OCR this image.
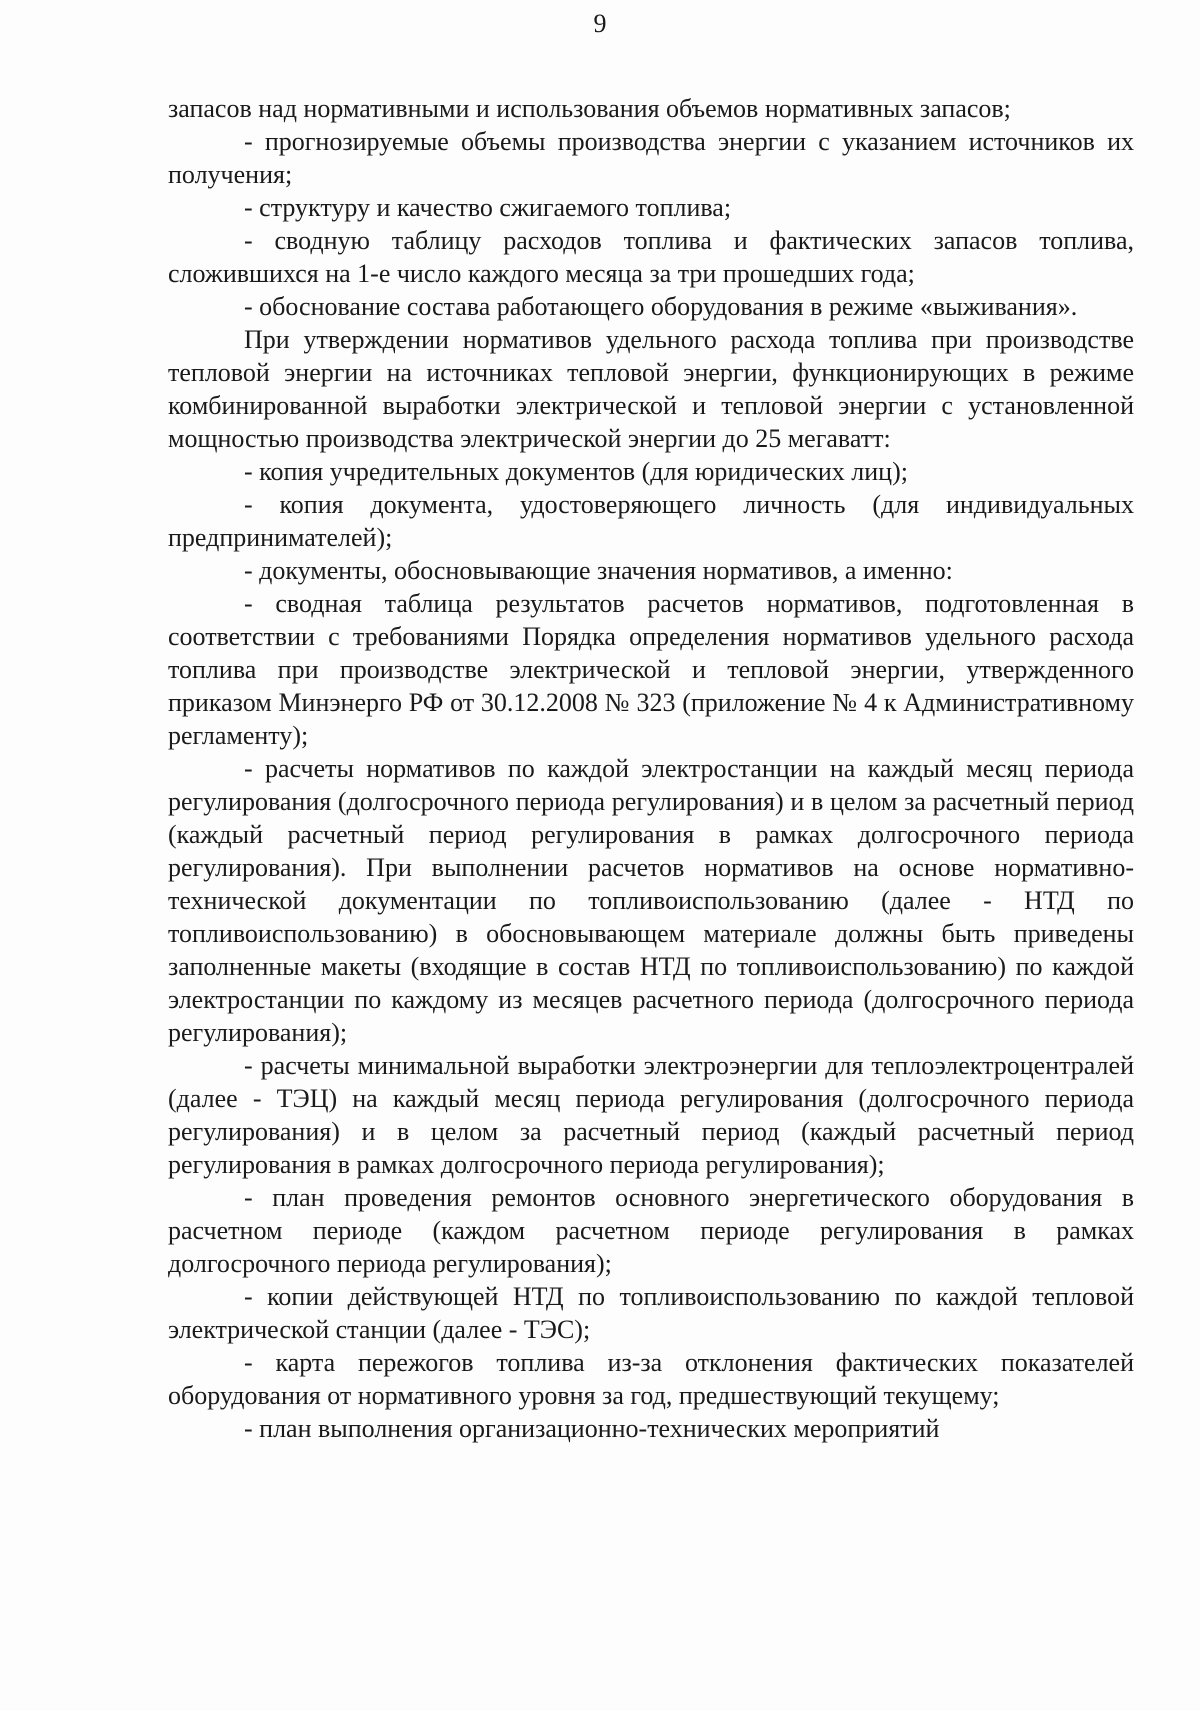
9

запасов над нормативными и использования объемов нормативных запасов;

- прогнозируемые объемы производства энергии с указанием источников их получения;

- структуру и качество сжигаемого топлива;

- сводную таблицу расходов топлива и фактических запасов топлива, сложившихся на 1-е число каждого месяца за три прошедших года;

- обоснование состава работающего оборудования в режиме «выживания».

При утверждении нормативов удельного расхода топлива при производстве тепловой энергии на источниках тепловой энергии, функционирующих в режиме комбинированной выработки электрической и тепловой энергии с установленной мощностью производства электрической энергии до 25 мегаватт:

- копия учредительных документов (для юридических лиц);

- копия документа, удостоверяющего личность (для индивидуальных предпринимателей);

- документы, обосновывающие значения нормативов, а именно:

- сводная таблица результатов расчетов нормативов, подготовленная в соответствии с требованиями Порядка определения нормативов удельного расхода топлива при производстве электрической и тепловой энергии, утвержденного приказом Минэнерго РФ от 30.12.2008 № 323 (приложение № 4 к Административному регламенту);

- расчеты нормативов по каждой электростанции на каждый месяц периода регулирования (долгосрочного периода регулирования) и в целом за расчетный период (каждый расчетный период регулирования в рамках долгосрочного периода регулирования). При выполнении расчетов нормативов на основе нормативно-технической документации по топливоиспользованию (далее - НТД по топливоиспользованию) в обосновывающем материале должны быть приведены заполненные макеты (входящие в состав НТД по топливоиспользованию) по каждой электростанции по каждому из месяцев расчетного периода (долгосрочного периода регулирования);

- расчеты минимальной выработки электроэнергии для теплоэлектроцентралей (далее - ТЭЦ) на каждый месяц периода регулирования (долгосрочного периода регулирования) и в целом за расчетный период (каждый расчетный период регулирования в рамках долгосрочного периода регулирования);

- план проведения ремонтов основного энергетического оборудования в расчетном периоде (каждом расчетном периоде регулирования в рамках долгосрочного периода регулирования);

- копии действующей НТД по топливоиспользованию по каждой тепловой электрической станции (далее - ТЭС);

- карта пережогов топлива из-за отклонения фактических показателей оборудования от нормативного уровня за год, предшествующий текущему;

- план выполнения организационно-технических мероприятий
